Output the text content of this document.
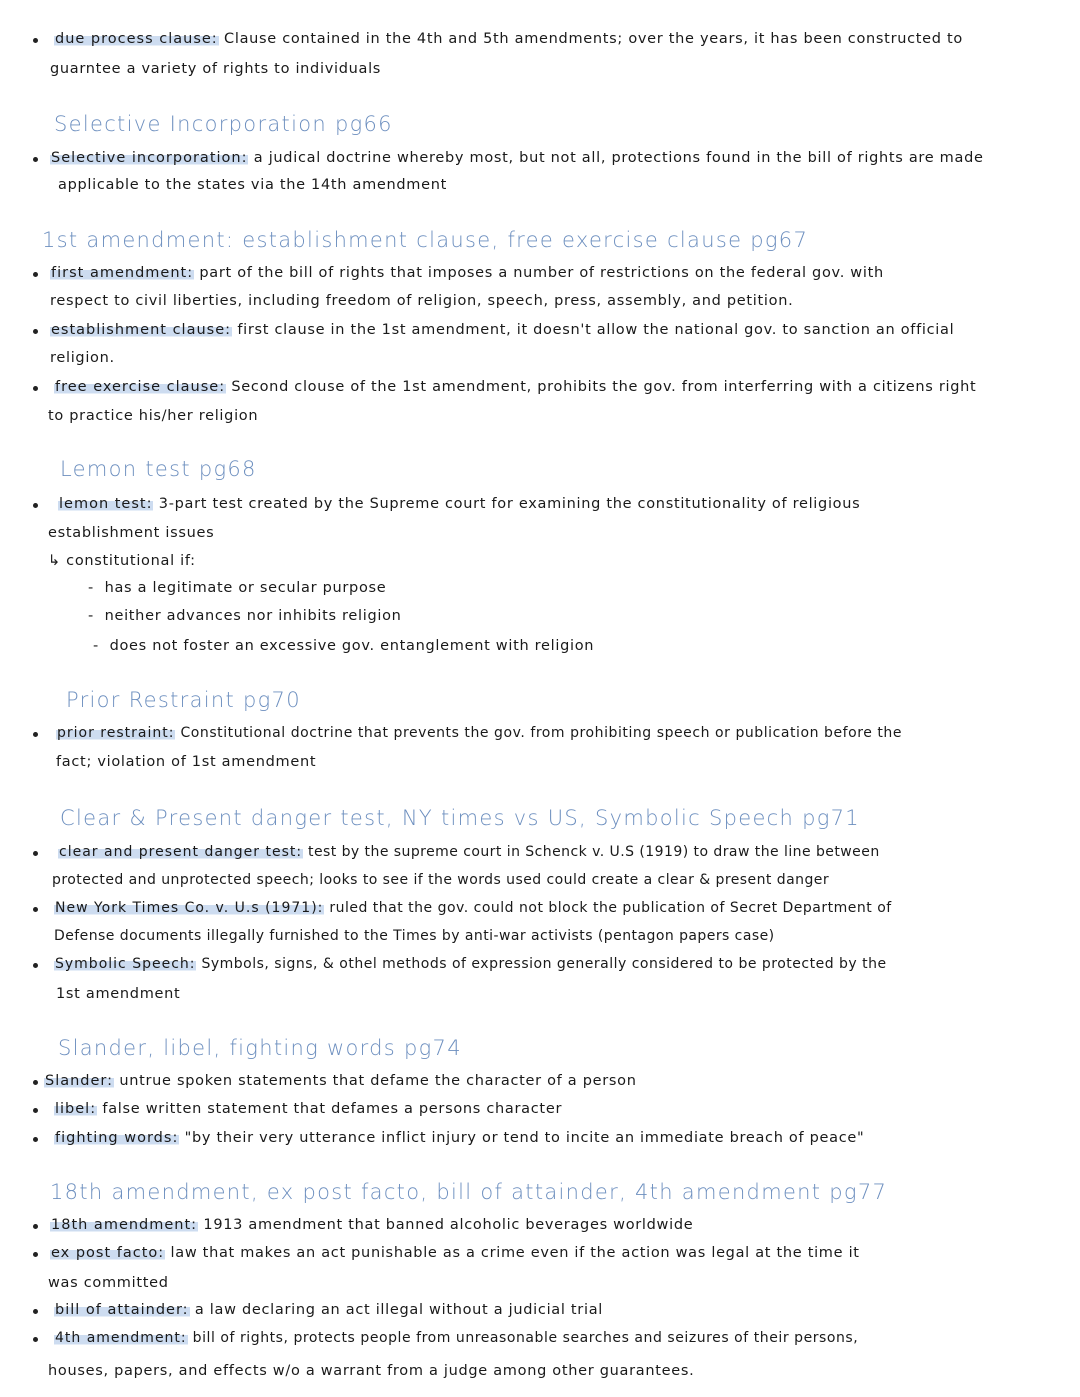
due process clause: Clause contained in the 4th and 5th amendments; over the years, it has been constructed to
guarntee a variety of rights to individuals
Selective Incorporation pg66
Selective incorporation: a judical doctrine whereby most, but not all, protections found in the bill of rights are made
applicable to the states via the 14th amendment
1st amendment: establishment clause, free exercise clause pg67
first amendment: part of the bill of rights that imposes a number of restrictions on the federal gov. with
respect to civil liberties, including freedom of religion, speech, press, assembly, and petition.
establishment clause: first clause in the 1st amendment, it doesn't allow the national gov. to sanction an official
religion.
free exercise clause: Second clouse of the 1st amendment, prohibits the gov. from interferring with a citizens right
to practice his/her religion
Lemon test pg68
lemon test: 3-part test created by the Supreme court for examining the constitutionality of religious
establishment issues
↳ constitutional if:
-  has a legitimate or secular purpose
-  neither advances nor inhibits religion
-  does not foster an excessive gov. entanglement with religion
Prior Restraint pg70
prior restraint: Constitutional doctrine that prevents the gov. from prohibiting speech or publication before the
fact; violation of 1st amendment
Clear & Present danger test, NY times vs US, Symbolic Speech pg71
clear and present danger test: test by the supreme court in Schenck v. U.S (1919) to draw the line between
protected and unprotected speech; looks to see if the words used could create a clear & present danger
New York Times Co. v. U.s (1971): ruled that the gov. could not block the publication of Secret Department of
Defense documents illegally furnished to the Times by anti-war activists (pentagon papers case)
Symbolic Speech: Symbols, signs, & othel methods of expression generally considered to be protected by the
1st amendment
Slander, libel, fighting words pg74
Slander: untrue spoken statements that defame the character of a person
libel: false written statement that defames a persons character
fighting words: "by their very utterance inflict injury or tend to incite an immediate breach of peace"
18th amendment, ex post facto, bill of attainder, 4th amendment pg77
18th amendment: 1913 amendment that banned alcoholic beverages worldwide
ex post facto: law that makes an act punishable as a crime even if the action was legal at the time it
was committed
bill of attainder: a law declaring an act illegal without a judicial trial
4th amendment: bill of rights, protects people from unreasonable searches and seizures of their persons,
houses, papers, and effects w/o a warrant from a judge among other guarantees.
